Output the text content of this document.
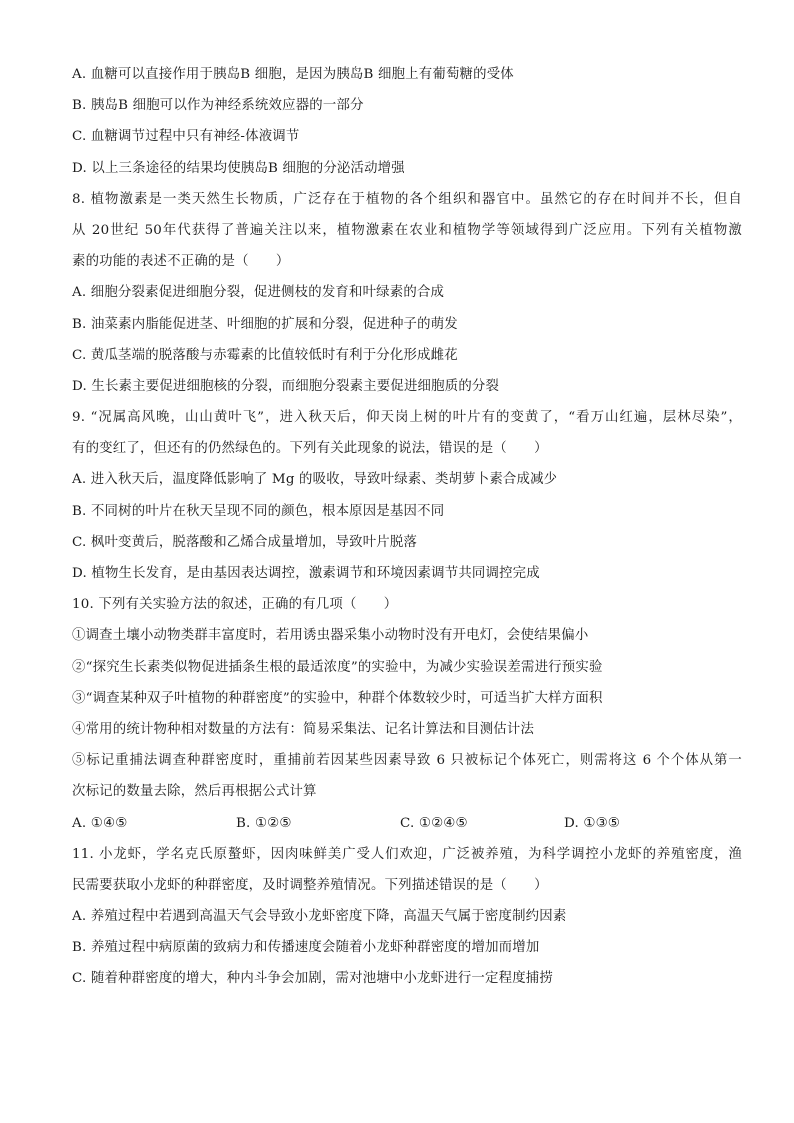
A. 血糖可以直接作用于胰岛B 细胞，是因为胰岛B 细胞上有葡萄糖的受体
B. 胰岛B 细胞可以作为神经系统效应器的一部分
C. 血糖调节过程中只有神经-体液调节
D. 以上三条途径的结果均使胰岛B 细胞的分泌活动增强
8. 植物激素是一类天然生长物质，广泛存在于植物的各个组织和器官中。虽然它的存在时间并不长，但自
从 20世纪 50年代获得了普遍关注以来，植物激素在农业和植物学等领域得到广泛应用。下列有关植物激
素的功能的表述不正确的是（　　）
A. 细胞分裂素促进细胞分裂，促进侧枝的发育和叶绿素的合成
B. 油菜素内脂能促进茎、叶细胞的扩展和分裂，促进种子的萌发
C. 黄瓜茎端的脱落酸与赤霉素的比值较低时有利于分化形成雌花
D. 生长素主要促进细胞核的分裂，而细胞分裂素主要促进细胞质的分裂
9. “况属高风晚，山山黄叶飞”，进入秋天后，仰天岗上树的叶片有的变黄了，“看万山红遍，层林尽染”，
有的变红了，但还有的仍然绿色的。下列有关此现象的说法，错误的是（　　）
A. 进入秋天后，温度降低影响了 Mg 的吸收，导致叶绿素、类胡萝卜素合成减少
B. 不同树的叶片在秋天呈现不同的颜色，根本原因是基因不同
C. 枫叶变黄后，脱落酸和乙烯合成量增加，导致叶片脱落
D. 植物生长发育，是由基因表达调控，激素调节和环境因素调节共同调控完成
10. 下列有关实验方法的叙述，正确的有几项（　　）
①调查土壤小动物类群丰富度时，若用诱虫器采集小动物时没有开电灯，会使结果偏小
②“探究生长素类似物促进插条生根的最适浓度”的实验中，为减少实验误差需进行预实验
③“调查某种双子叶植物的种群密度”的实验中，种群个体数较少时，可适当扩大样方面积
④常用的统计物种相对数量的方法有：简易采集法、记名计算法和目测估计法
⑤标记重捕法调查种群密度时，重捕前若因某些因素导致 6 只被标记个体死亡，则需将这 6 个个体从第一
次标记的数量去除，然后再根据公式计算
A. ①④⑤	B. ①②⑤	C. ①②④⑤	D. ①③⑤
11. 小龙虾，学名克氏原螯虾，因肉味鲜美广受人们欢迎，广泛被养殖，为科学调控小龙虾的养殖密度，渔
民需要获取小龙虾的种群密度，及时调整养殖情况。下列描述错误的是（　　）
A. 养殖过程中若遇到高温天气会导致小龙虾密度下降，高温天气属于密度制约因素
B. 养殖过程中病原菌的致病力和传播速度会随着小龙虾种群密度的增加而增加
C. 随着种群密度的增大，种内斗争会加剧，需对池塘中小龙虾进行一定程度捕捞
